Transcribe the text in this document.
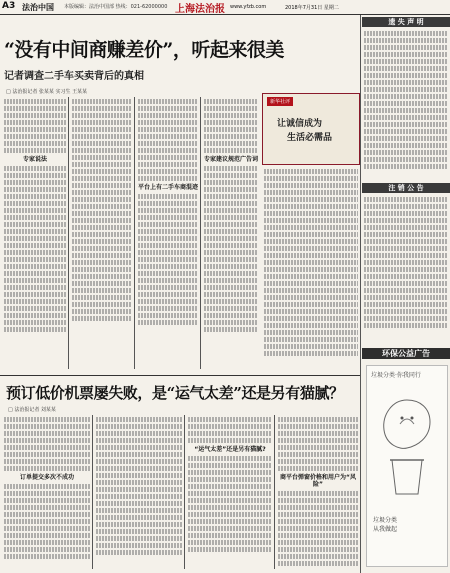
A3 法治中国 本版编辑：法治中国部 热线：021-62000000 上海法治报 www.yfzb.com	2018年7月31日 星期二
“没有中间商赚差价”，听起来很美
记者调查二手车买卖背后的真相
□ 法治报记者 张某某 实习生 王某某
专家说法
平台上有二手车商混迹
专家建议规范广告词
新华社评
让诚信成为
生活必需品
预订低价机票屡失败，是“运气太差”还是另有猫腻？
□ 法治报记者 刘某某
订单提交多次不成功
“运气太差”还是另有猫腻?
商平台弹窗价格和用户为“风险”
遗 失 声 明
注 销 公 告
环保公益广告
垃圾分类·你我同行
垃圾分类
从我做起
